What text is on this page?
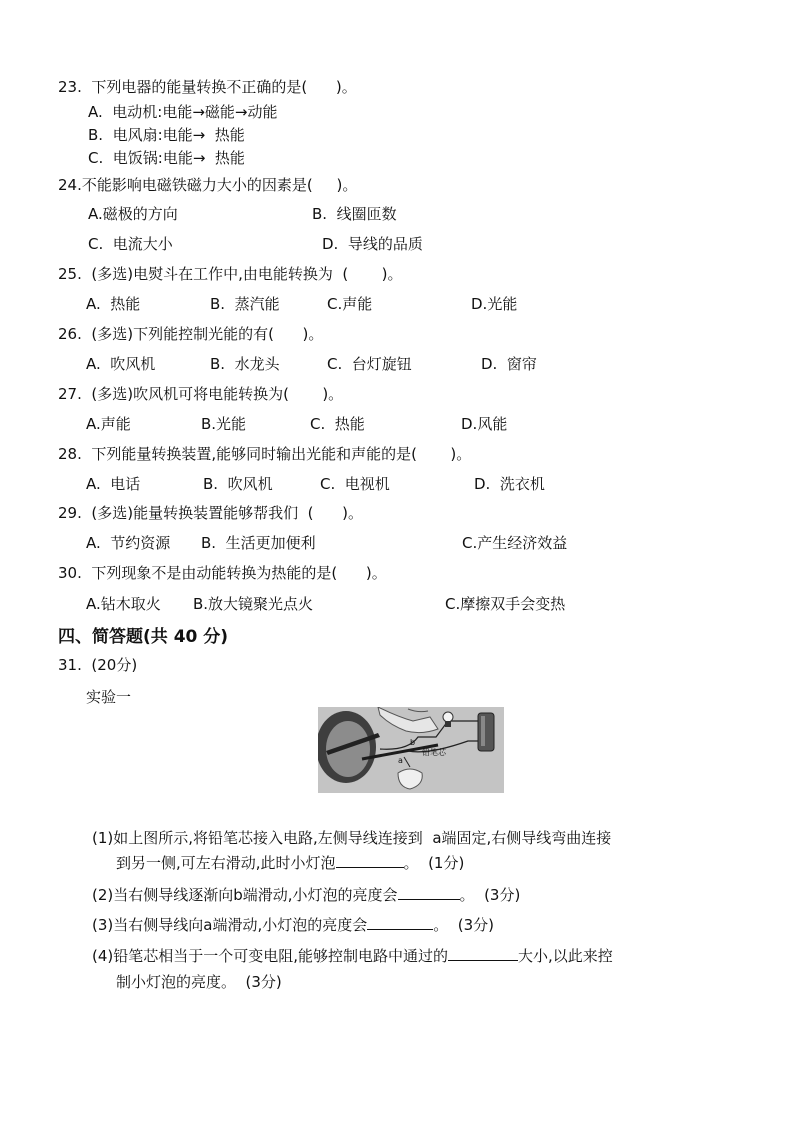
23.  下列电器的能量转换不正确的是(      )。
A.  电动机:电能→磁能→动能
B.  电风扇:电能→  热能
C.  电饭锅:电能→  热能
24.不能影响电磁铁磁力大小的因素是(     )。
A.磁极的方向	B.  线圈匝数
C.  电流大小	D.  导线的品质
25.  (多选)电熨斗在工作中,由电能转换为  (       )。
A.  热能	B.  蒸汽能	C.声能	D.光能
26.  (多选)下列能控制光能的有(      )。
A.  吹风机	B.  水龙头	C.  台灯旋钮	D.  窗帘
27.  (多选)吹风机可将电能转换为(       )。
A.声能	B.光能	C.  热能	D.风能
28.  下列能量转换装置,能够同时输出光能和声能的是(       )。
A.  电话	B.  吹风机	C.  电视机	D.  洗衣机
29.  (多选)能量转换装置能够帮我们  (      )。
A.  节约资源 B.  生活更加便利	C.产生经济效益
30.  下列现象不是由动能转换为热能的是(      )。
A.钻木取火 B.放大镜聚光点火	C.摩擦双手会变热
四、简答题(共 40 分)
31.  (20分)
实验一
a
b
铅笔芯
(1)如上图所示,将铅笔芯接入电路,左侧导线连接到  a端固定,右侧导线弯曲连接
到另一侧,可左右滑动,此时小灯泡	。  (1分)
(2)当右侧导线逐渐向b端滑动,小灯泡的亮度会	。  (3分)
(3)当右侧导线向a端滑动,小灯泡的亮度会	。  (3分)
(4)铅笔芯相当于一个可变电阻,能够控制电路中通过的	大小,以此来控
制小灯泡的亮度。  (3分)
